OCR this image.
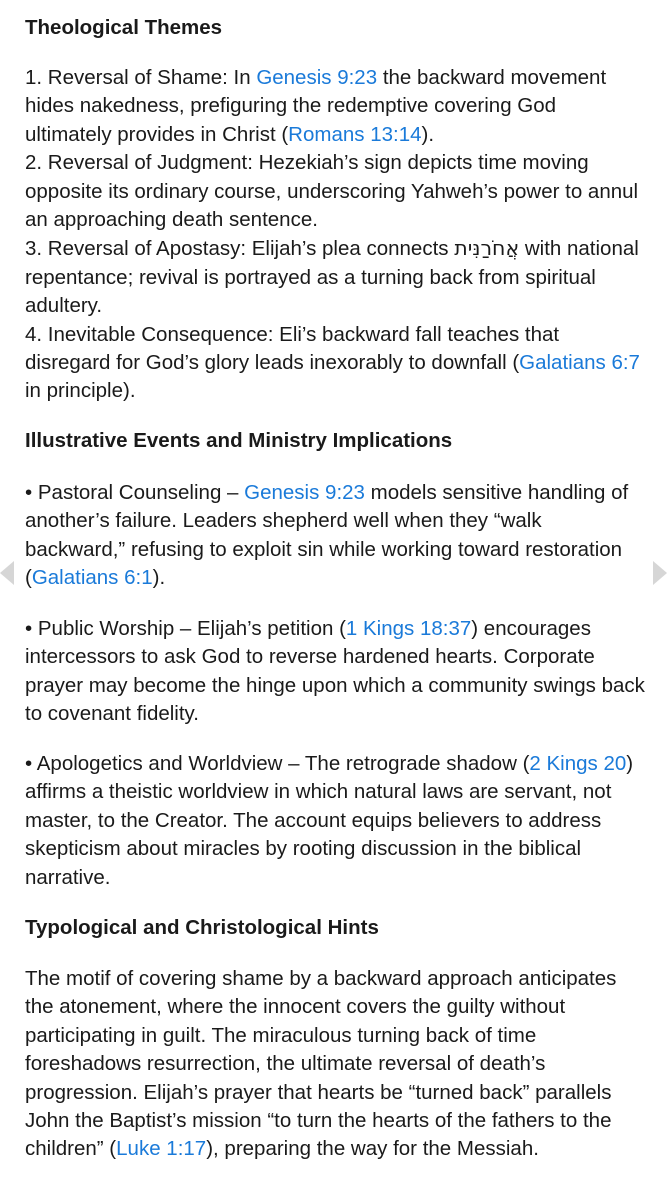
Theological Themes

1. Reversal of Shame: In Genesis 9:23 the backward movement hides nakedness, prefiguring the redemptive covering God ultimately provides in Christ (Romans 13:14).

2. Reversal of Judgment: Hezekiah’s sign depicts time moving opposite its ordinary course, underscoring Yahweh’s power to annul an approaching death sentence.

3. Reversal of Apostasy: Elijah’s plea connects אֲחֹרַנִּית with national repentance; revival is portrayed as a turning back from spiritual adultery.

4. Inevitable Consequence: Eli’s backward fall teaches that disregard for God’s glory leads inexorably to downfall (Galatians 6:7 in principle).

Illustrative Events and Ministry Implications

• Pastoral Counseling – Genesis 9:23 models sensitive handling of another’s failure. Leaders shepherd well when they “walk backward,” refusing to exploit sin while working toward restoration (Galatians 6:1).

• Public Worship – Elijah’s petition (1 Kings 18:37) encourages intercessors to ask God to reverse hardened hearts. Corporate prayer may become the hinge upon which a community swings back to covenant fidelity.

• Apologetics and Worldview – The retrograde shadow (2 Kings 20) affirms a theistic worldview in which natural laws are servant, not master, to the Creator. The account equips believers to address skepticism about miracles by rooting discussion in the biblical narrative.

Typological and Christological Hints

The motif of covering shame by a backward approach anticipates the atonement, where the innocent covers the guilty without participating in guilt. The miraculous turning back of time foreshadows resurrection, the ultimate reversal of death’s progression. Elijah’s prayer that hearts be “turned back” parallels John the Baptist’s mission “to turn the hearts of the fathers to the children” (Luke 1:17), preparing the way for the Messiah.
